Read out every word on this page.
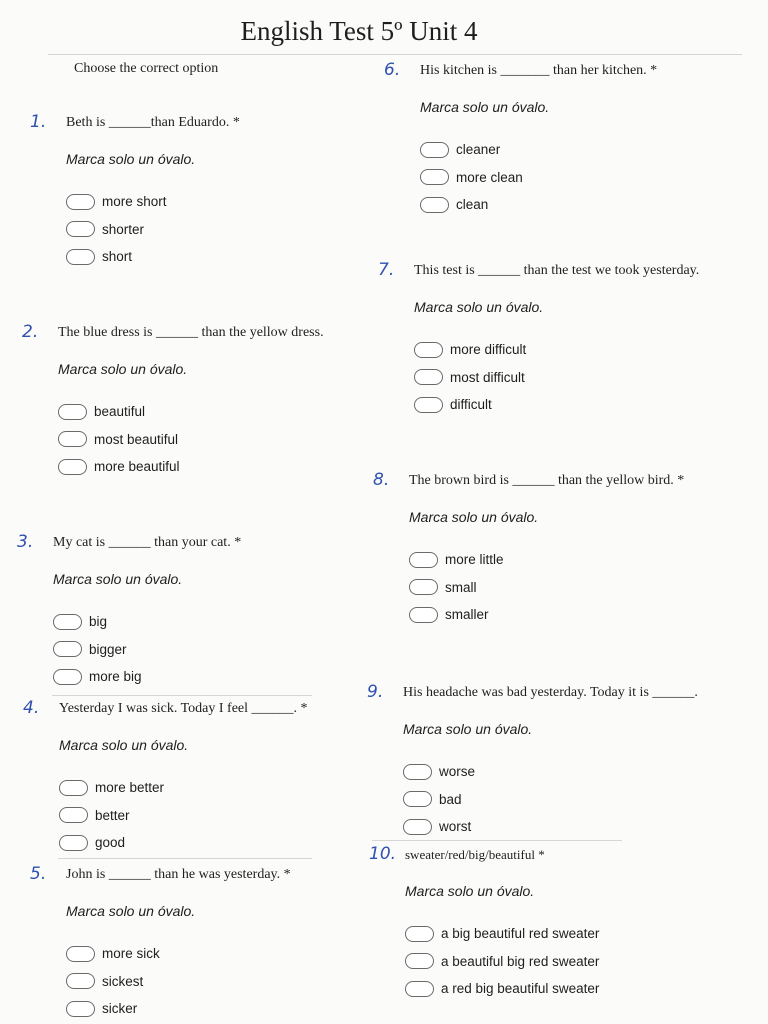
English Test 5º Unit 4
Choose the correct option
1. Beth is ______than Eduardo. *
Marca solo un óvalo.
more short
shorter
short
2. The blue dress is ______ than the yellow dress.
Marca solo un óvalo.
beautiful
most beautiful
more beautiful
3. My cat is ______ than your cat. *
Marca solo un óvalo.
big
bigger
more big
4. Yesterday I was sick. Today I feel ______. *
Marca solo un óvalo.
more better
better
good
5. John is ______ than he was yesterday. *
Marca solo un óvalo.
more sick
sickest
sicker
6. His kitchen is _______ than her kitchen. *
Marca solo un óvalo.
cleaner
more clean
clean
7. This test is ______ than the test we took yesterday.
Marca solo un óvalo.
more difficult
most difficult
difficult
8. The brown bird is ______ than the yellow bird. *
Marca solo un óvalo.
more little
small
smaller
9. His headache was bad yesterday. Today it is ______.
Marca solo un óvalo.
worse
bad
worst
10. sweater/red/big/beautiful *
Marca solo un óvalo.
a big beautiful red sweater
a beautiful big red sweater
a red big beautiful sweater
